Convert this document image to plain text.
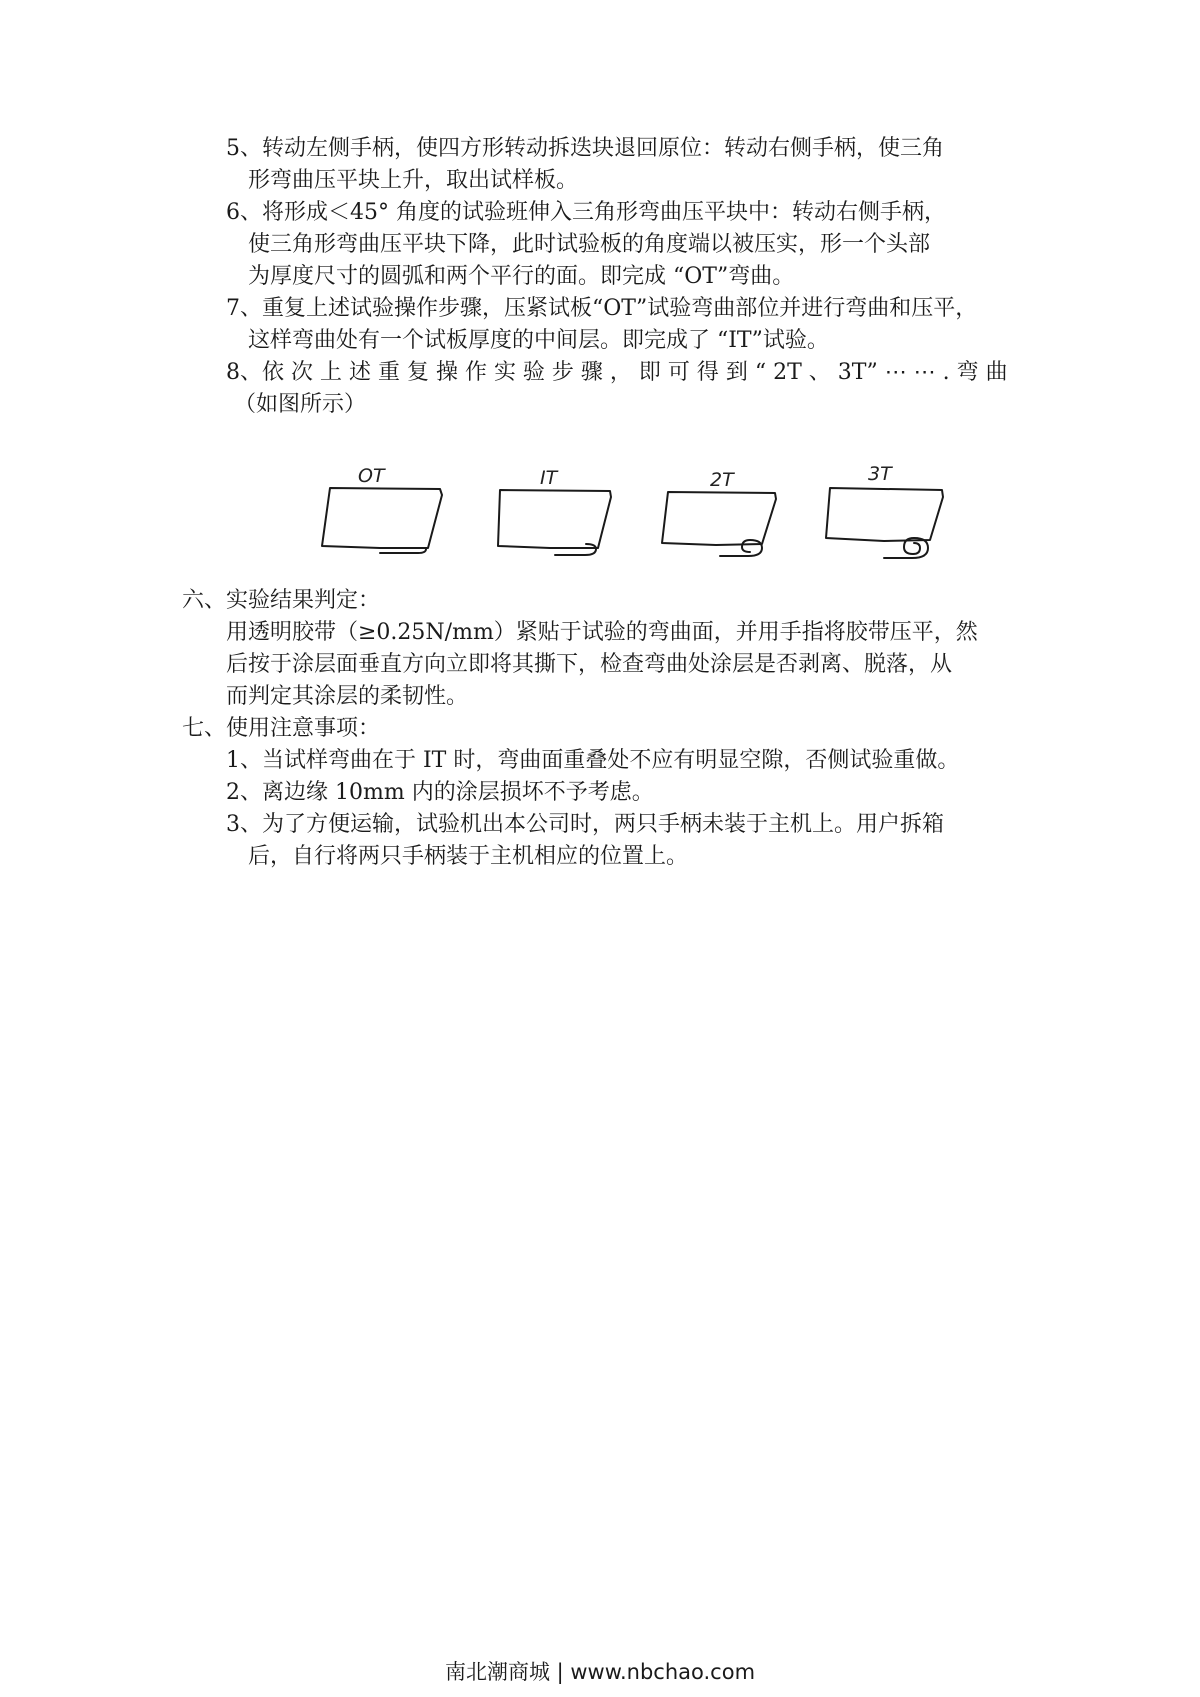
5、转动左侧手柄，使四方形转动拆迭块退回原位：转动右侧手柄，使三角
形弯曲压平块上升，取出试样板。
6、将形成＜45° 角度的试验班伸入三角形弯曲压平块中：转动右侧手柄，
使三角形弯曲压平块下降，此时试验板的角度端以被压实，形一个头部
为厚度尺寸的圆弧和两个平行的面。即完成 “OT”弯曲。
7、重复上述试验操作步骤，压紧试板“OT”试验弯曲部位并进行弯曲和压平，
这样弯曲处有一个试板厚度的中间层。即完成了 “IT”试验。
8、依 次 上 述 重 复 操 作 实 验 步 骤 ， 即 可 得 到 “ 2T 、 3T” ⋯ ⋯ . 弯 曲
（如图所示）
OT	IT	2T	3T
六、实验结果判定：
用透明胶带（≥0.25N/mm）紧贴于试验的弯曲面，并用手指将胶带压平，然
后按于涂层面垂直方向立即将其撕下，检查弯曲处涂层是否剥离、脱落，从
而判定其涂层的柔韧性。
七、使用注意事项：
1、当试样弯曲在于 IT 时，弯曲面重叠处不应有明显空隙，否侧试验重做。
2、离边缘 10mm 内的涂层损坏不予考虑。
3、为了方便运输，试验机出本公司时，两只手柄未装于主机上。用户拆箱
后，自行将两只手柄装于主机相应的位置上。
南北潮商城 | www.nbchao.com
